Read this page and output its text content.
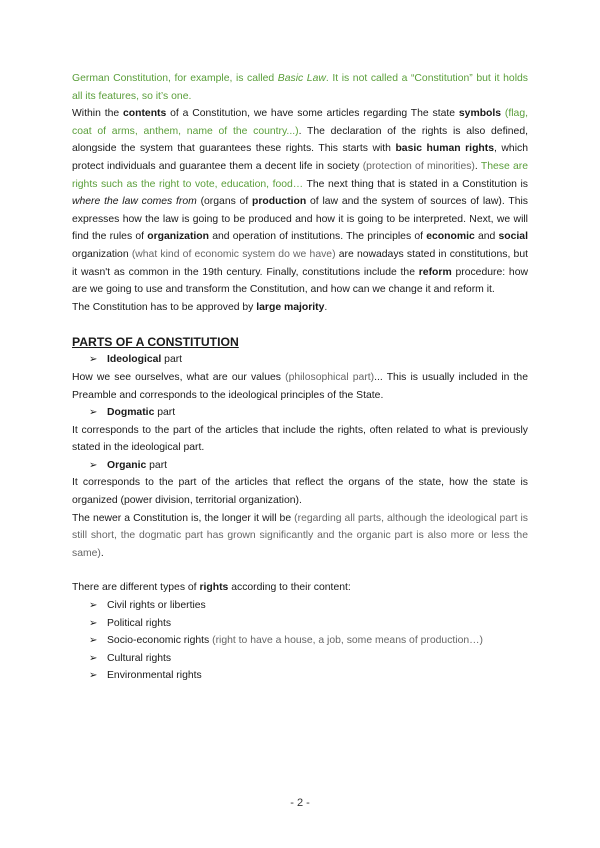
German Constitution, for example, is called Basic Law. It is not called a “Constitution” but it holds all its features, so it’s one.

Within the contents of a Constitution, we have some articles regarding The state symbols (flag, coat of arms, anthem, name of the country...). The declaration of the rights is also defined, alongside the system that guarantees these rights. This starts with basic human rights, which protect individuals and guarantee them a decent life in society (protection of minorities). These are rights such as the right to vote, education, food… The next thing that is stated in a Constitution is where the law comes from (organs of production of law and the system of sources of law). This expresses how the law is going to be produced and how it is going to be interpreted. Next, we will find the rules of organization and operation of institutions. The principles of economic and social organization (what kind of economic system do we have) are nowadays stated in constitutions, but it wasn't as common in the 19th century. Finally, constitutions include the reform procedure: how are we going to use and transform the Constitution, and how can we change it and reform it.

The Constitution has to be approved by large majority.

PARTS OF A CONSTITUTION

➢ Ideological part

How we see ourselves, what are our values (philosophical part)... This is usually included in the Preamble and corresponds to the ideological principles of the State.

➢ Dogmatic part

It corresponds to the part of the articles that include the rights, often related to what is previously stated in the ideological part.

➢ Organic part

It corresponds to the part of the articles that reflect the organs of the state, how the state is organized (power division, territorial organization).

The newer a Constitution is, the longer it will be (regarding all parts, although the ideological part is still short, the dogmatic part has grown significantly and the organic part is also more or less the same).

There are different types of rights according to their content:

➢ Civil rights or liberties

➢ Political rights

➢ Socio-economic rights (right to have a house, a job, some means of production…)

➢ Cultural rights

➢ Environmental rights

- 2 -
